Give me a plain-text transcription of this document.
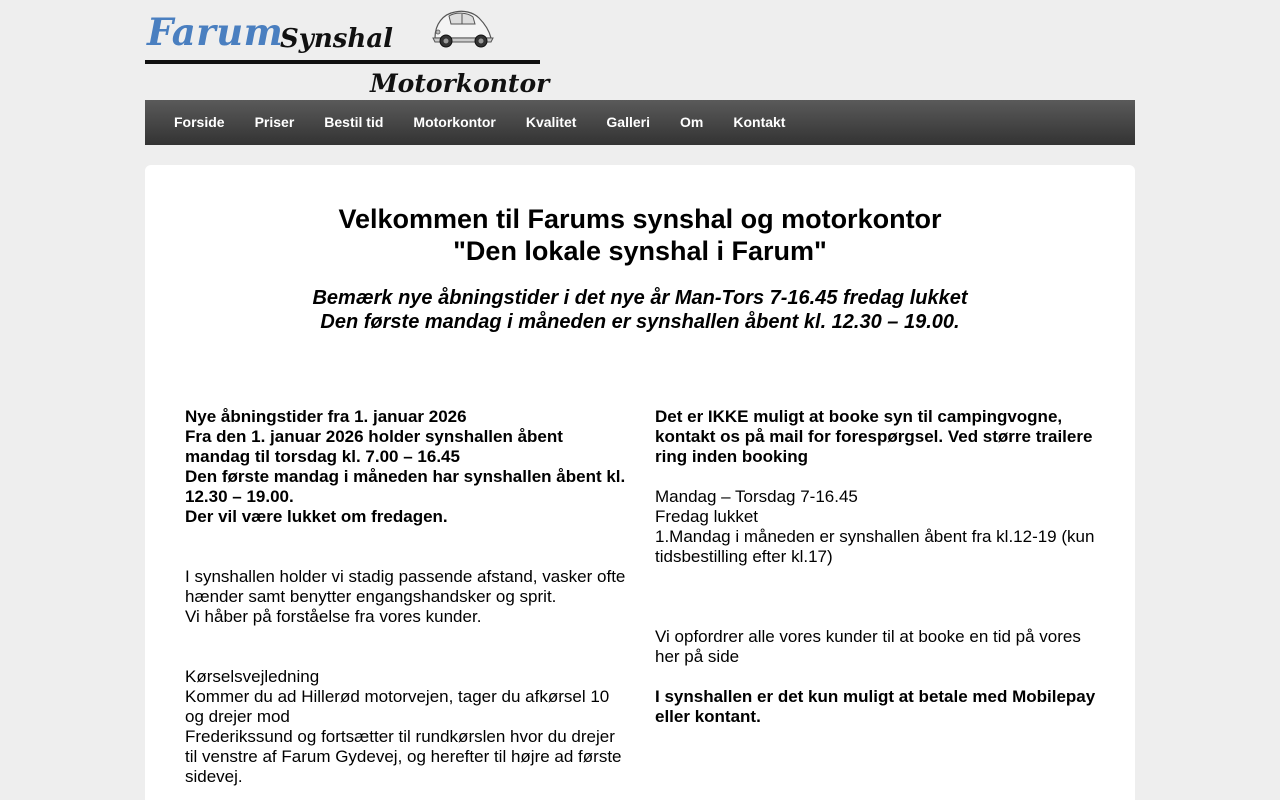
Farum
Synshal
Motorkontor
Forside	Priser	Bestil tid	Motorkontor	Kvalitet	Galleri	Om	Kontakt
Velkommen til Farums synshal og motorkontor
"Den lokale synshal i Farum"
Bemærk nye åbningstider i det nye år Man-Tors 7-16.45 fredag lukket
Den første mandag i måneden er synshallen åbent kl. 12.30 – 19.00.

Nye åbningstider fra 1. januar 2026

Fra den 1. januar 2026 holder synshallen åbent mandag til torsdag kl. 7.00 – 16.45

Den første mandag i måneden har synshallen åbent kl. 12.30 – 19.00.

Der vil være lukket om fredagen.

I synshallen holder vi stadig passende afstand, vasker ofte hænder samt benytter engangshandsker og sprit.

Vi håber på forståelse fra vores kunder.

Kørselsvejledning

Kommer du ad Hillerød motorvejen, tager du afkørsel 10 og drejer mod

Frederikssund og fortsætter til rundkørslen hvor du drejer til venstre af Farum Gydevej, og herefter til højre ad første sidevej.

Det er IKKE muligt at booke syn til campingvogne, kontakt os på mail for forespørgsel. Ved større trailere ring inden booking

Mandag – Torsdag 7-16.45

Fredag lukket

1.Mandag i måneden er synshallen åbent fra kl.12-19 (kun tidsbestilling efter kl.17)

Vi opfordrer alle vores kunder til at booke en tid på vores her på side

I synshallen er det kun muligt at betale med Mobilepay eller kontant.
